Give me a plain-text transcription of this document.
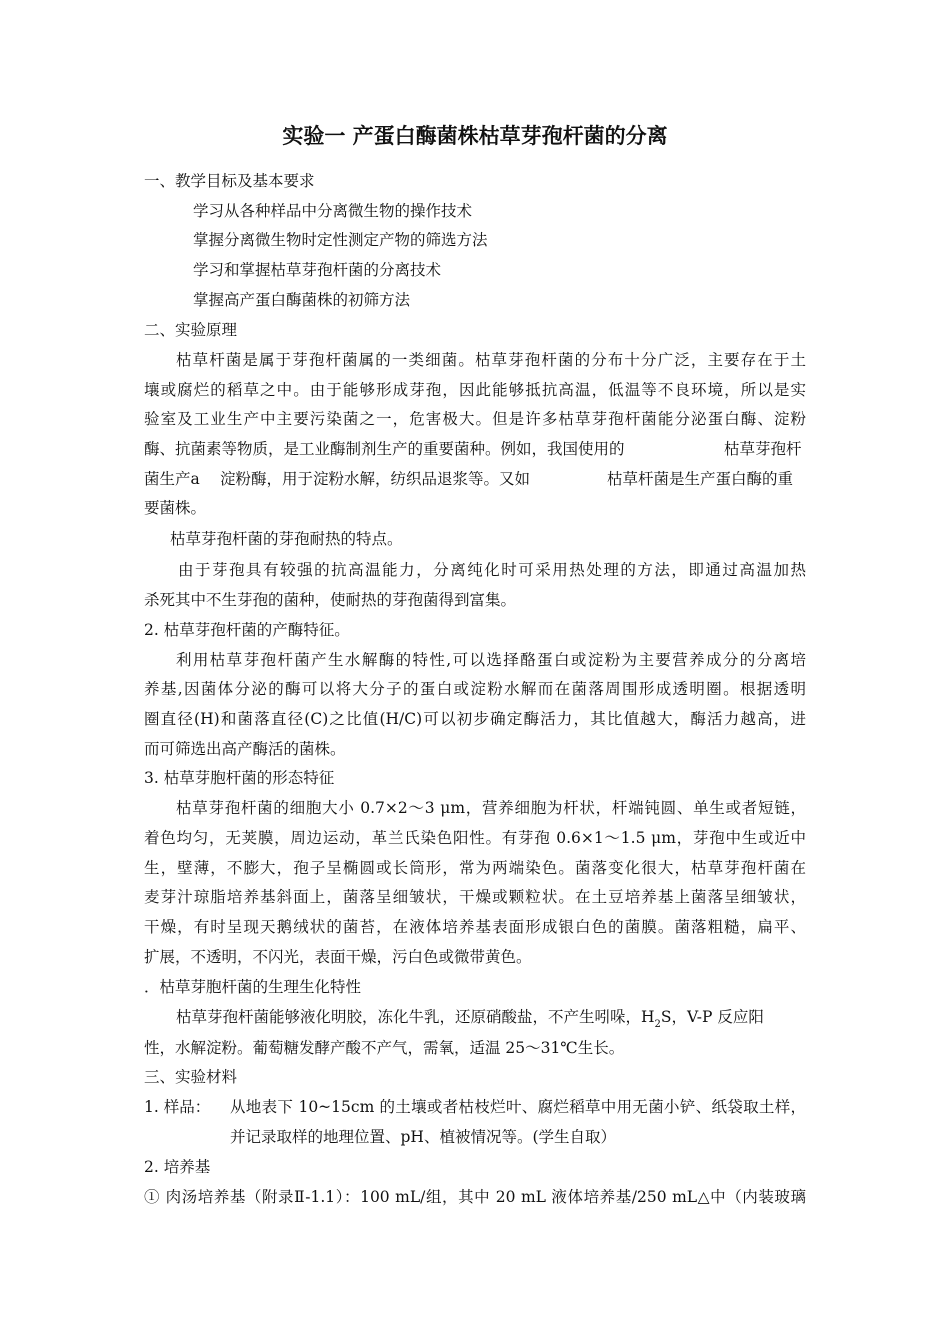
实验一 产蛋白酶菌株枯草芽孢杆菌的分离

一、教学目标及基本要求

学习从各种样品中分离微生物的操作技术

掌握分离微生物时定性测定产物的筛选方法

学习和掌握枯草芽孢杆菌的分离技术

掌握高产蛋白酶菌株的初筛方法

二、实验原理

枯草杆菌是属于芽孢杆菌属的一类细菌。枯草芽孢杆菌的分布十分广泛，主要存在于土

壤或腐烂的稻草之中。由于能够形成芽孢，因此能够抵抗高温，低温等不良环境，所以是实

验室及工业生产中主要污染菌之一，危害极大。但是许多枯草芽孢杆菌能分泌蛋白酶、淀粉

酶、抗菌素等物质，是工业酶制剂生产的重要菌种。例如，我国使用的	枯草芽孢杆

菌生产a 淀粉酶，用于淀粉水解，纺织品退浆等。又如	枯草杆菌是生产蛋白酶的重

要菌株。

枯草芽孢杆菌的芽孢耐热的特点。

由于芽孢具有较强的抗高温能力，分离纯化时可采用热处理的方法，即通过高温加热

杀死其中不生芽孢的菌种，使耐热的芽孢菌得到富集。

2. 枯草芽孢杆菌的产酶特征。

利用枯草芽孢杆菌产生水解酶的特性,可以选择酪蛋白或淀粉为主要营养成分的分离培

养基,因菌体分泌的酶可以将大分子的蛋白或淀粉水解而在菌落周围形成透明圈。根据透明

圈直径(H)和菌落直径(C)之比值(H/C)可以初步确定酶活力，其比值越大，酶活力越高，进

而可筛选出高产酶活的菌株。

3. 枯草芽胞杆菌的形态特征

枯草芽孢杆菌的细胞大小 0.7×2～3 μm，营养细胞为杆状，杆端钝圆、单生或者短链，

着色均匀，无荚膜，周边运动，革兰氏染色阳性。有芽孢 0.6×1～1.5 μm，芽孢中生或近中

生，壁薄，不膨大，孢子呈椭圆或长筒形，常为两端染色。菌落变化很大，枯草芽孢杆菌在

麦芽汁琼脂培养基斜面上，菌落呈细皱状，干燥或颗粒状。在土豆培养基上菌落呈细皱状，

干燥，有时呈现天鹅绒状的菌苔，在液体培养基表面形成银白色的菌膜。菌落粗糙，扁平、

扩展，不透明，不闪光，表面干燥，污白色或微带黄色。

．枯草芽胞杆菌的生理生化特性

枯草芽孢杆菌能够液化明胶，冻化牛乳，还原硝酸盐，不产生吲哚，$H_2S$，V-P 反应阳

性，水解淀粉。葡萄糖发酵产酸不产气，需氧，适温 25～31℃生长。

三、实验材料

1. 样品： 从地表下 10~15cm 的土壤或者枯枝烂叶、腐烂稻草中用无菌小铲、纸袋取土样，

并记录取样的地理位置、pH、植被情况等。(学生自取）

2. 培养基

① 肉汤培养基（附录Ⅱ-1.1）：100 mL/组，其中 20 mL 液体培养基/250 mL△中（内装玻璃
